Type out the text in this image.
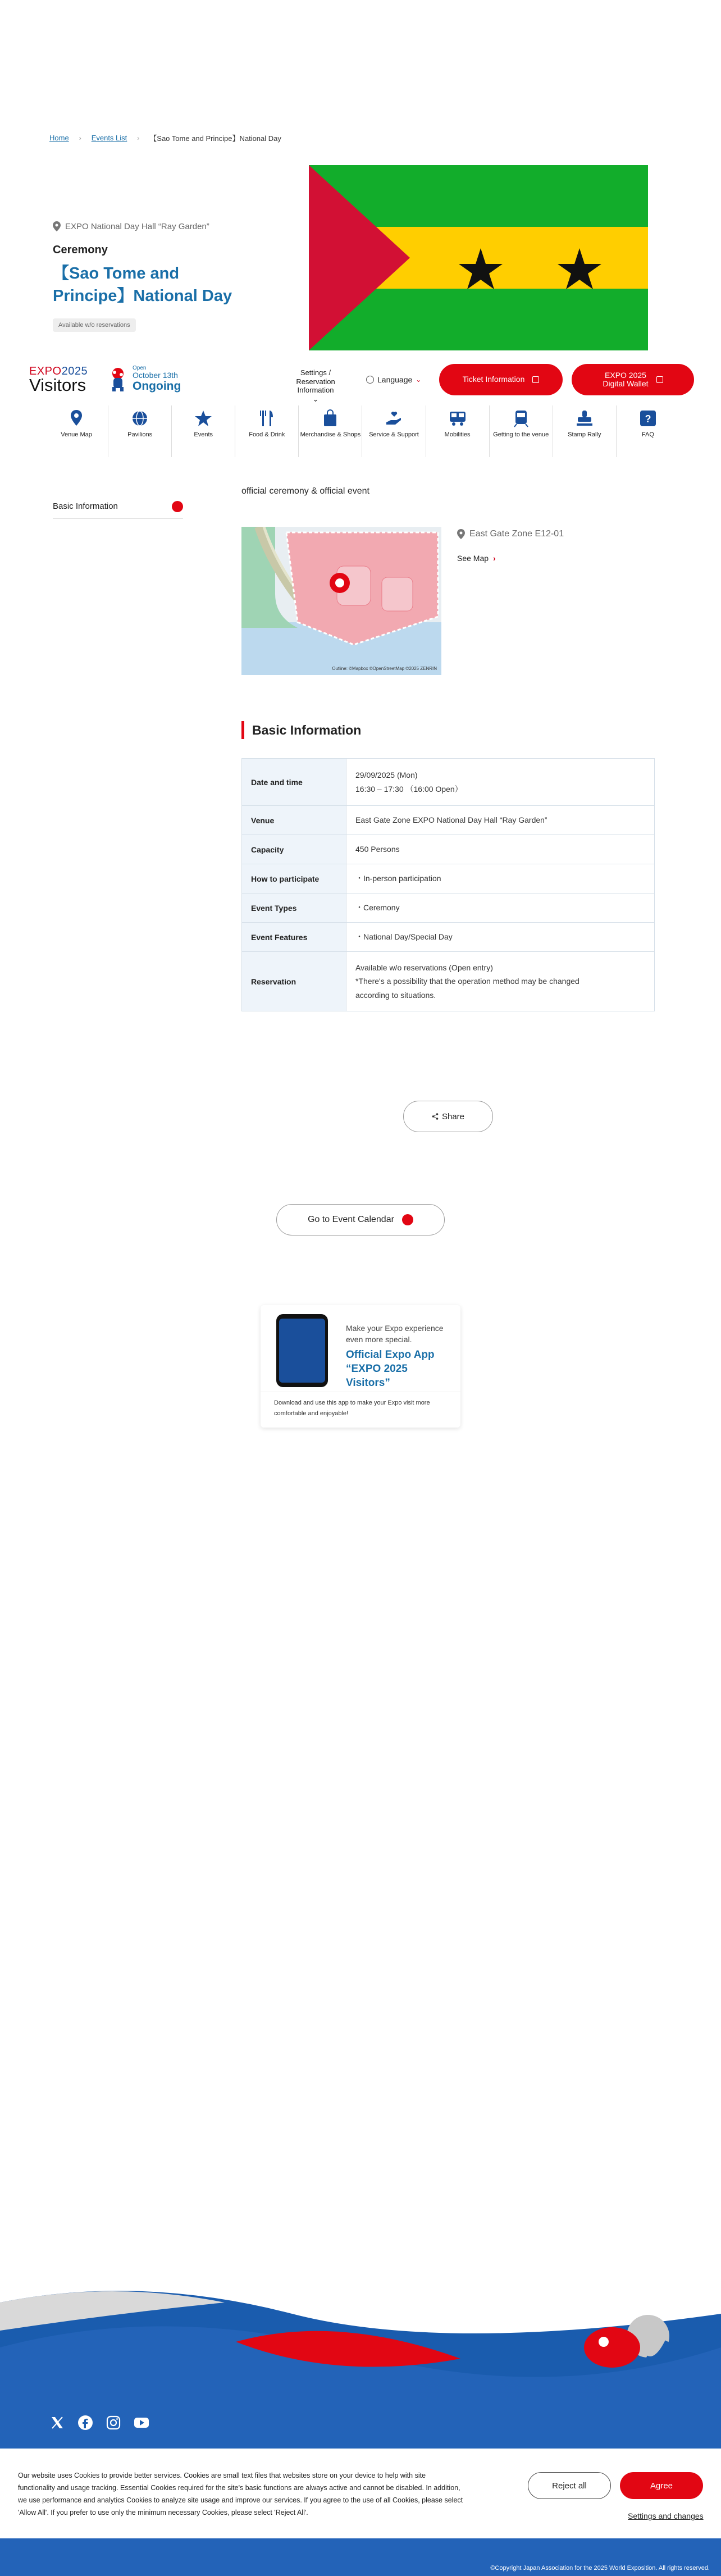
Home › Events List › 【Sao Tome and Principe】National Day
EXPO National Day Hall “Ray Garden”
Ceremony
【Sao Tome and Principe】National Day
Available w/o reservations
EXPO2025
Visitors
Open
October 13th
Ongoing
Settings /
Reservation
Information
⌄
Language ⌄	Ticket Information	EXPO 2025
Digital Wallet
Venue Map	Pavilions	Events	Food & Drink Merchandise & Shops Service & Support	Mobilities	Getting to the venue	Stamp Rally
?
FAQ
Basic Information

official ceremony & official event

Outline: ©Mapbox ©OpenStreetMap ©2025 ZENRIN
East Gate Zone E12-01
See Map ›
Basic Information
Date and time	29/09/2025 (Mon)
16:30 – 17:30 （16:00 Open）

Venue	East Gate Zone EXPO National Day Hall “Ray Garden”
Capacity	450 Persons
How to participate	・In-person participation
Event Types	・Ceremony
Event Features	・National Day/Special Day
Reservation	Available w/o reservations (Open entry)
*There's a possibility that the operation method may be changed
according to situations.
Share
Go to Event Calendar
Make your Expo experience
even more special.
Official Expo App
“EXPO 2025 Visitors”
Download and use this app to make your Expo visit more
comfortable and enjoyable!
Our website uses Cookies to provide better services. Cookies are small text files that websites store on your device to help with site
functionality and usage tracking. Essential Cookies required for the site's basic functions are always active and cannot be disabled. In addition,
we use performance and analytics Cookies to analyze site usage and improve our services. If you agree to the use of all Cookies, please select
'Allow All'. If you prefer to use only the minimum necessary Cookies, please select 'Reject All'.
Reject all	Agree
Settings and changes
©Copyright Japan Association for the 2025 World Exposition. All rights reserved.
